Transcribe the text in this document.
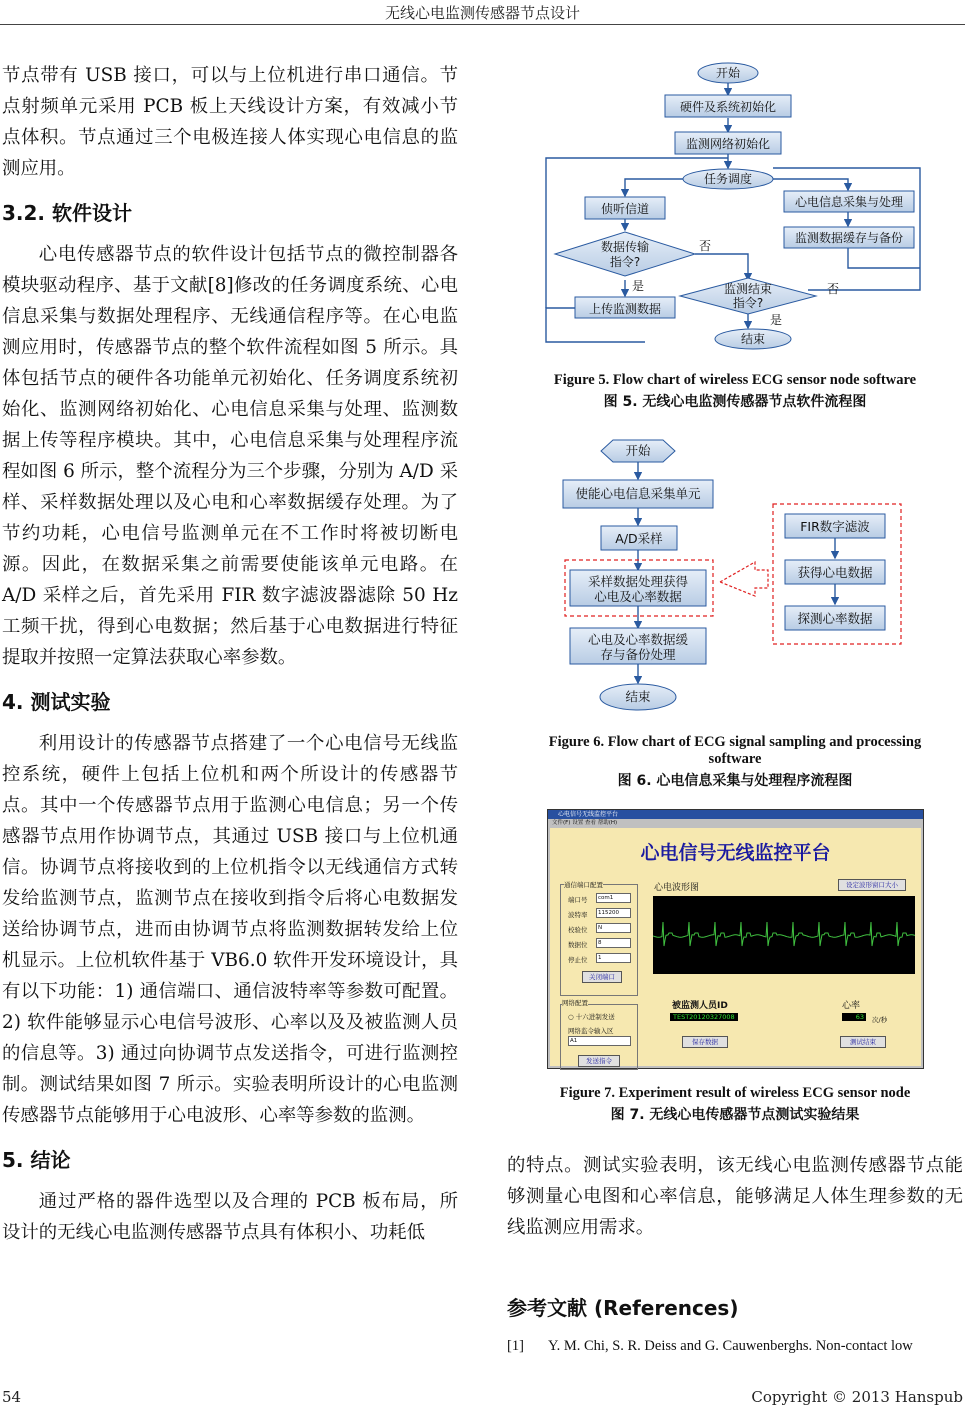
无线心电监测传感器节点设计

节点带有 USB 接口，可以与上位机进行串口通信。节点射频单元采用 PCB 板上天线设计方案，有效减小节点体积。节点通过三个电极连接人体实现心电信息的监测应用。

3.2. 软件设计

心电传感器节点的软件设计包括节点的微控制器各模块驱动程序、基于文献[8]修改的任务调度系统、心电信息采集与数据处理程序、无线通信程序等。在心电监测应用时，传感器节点的整个软件流程如图 5 所示。具体包括节点的硬件各功能单元初始化、任务调度系统初始化、监测网络初始化、心电信息采集与处理、监测数据上传等程序模块。其中，心电信息采集与处理程序流程如图 6 所示，整个流程分为三个步骤，分别为 A/D 采样、采样数据处理以及心电和心率数据缓存处理。为了节约功耗，心电信号监测单元在不工作时将被切断电源。因此，在数据采集之前需要使能该单元电路。在 A/D 采样之后，首先采用 FIR 数字滤波器滤除 50 Hz 工频干扰，得到心电数据；然后基于心电数据进行特征提取并按照一定算法获取心率参数。

4. 测试实验

利用设计的传感器节点搭建了一个心电信号无线监控系统，硬件上包括上位机和两个所设计的传感器节点。其中一个传感器节点用于监测心电信息；另一个传感器节点用作协调节点，其通过 USB 接口与上位机通信。协调节点将接收到的上位机指令以无线通信方式转发给监测节点，监测节点在接收到指令后将心电数据发送给协调节点，进而由协调节点将监测数据转发给上位机显示。上位机软件基于 VB6.0 软件开发环境设计，具有以下功能：1) 通信端口、通信波特率等参数可配置。2) 软件能够显示心电信号波形、心率以及及被监测人员的信息等。3) 通过向协调节点发送指令，可进行监测控制。测试结果如图 7 所示。实验表明所设计的心电监测传感器节点能够用于心电波形、心率等参数的监测。

5. 结论

通过严格的器件选型以及合理的 PCB 板布局，所设计的无线心电监测传感器节点具有体积小、功耗低

开始
硬件及系统初始化
监测网络初始化
任务调度
侦听信道	心电信息采集与处理
监测数据缓存与备份
数据传输
指令?
否
是
上传监测数据
监测结束
指令?
否
是
结束
Figure 5. Flow chart of wireless ECG sensor node software
图 5. 无线心电监测传感器节点软件流程图
开始
使能心电信息采集单元
A/D采样
采样数据处理获得
心电及心率数据
心电及心率数据缓
存与备份处理
结束
FIR数字滤波
获得心电数据
探测心率数据
Figure 6. Flow chart of ECG signal sampling and processing software
图 6. 心电信息采集与处理程序流程图
心电信号无线监控平台
文件(F) 设置 查看 帮助(H)
心电信号无线监控平台
通信端口配置
端口号	com1
波特率	115200
校验位	N
数据位	8
停止位	1
关闭端口
网络配置
○ 十六进制发送
网络监令输入区
A1
发送指令
心电波形图	设定波形窗口大小
被监测人员ID
TEST20120327008
心率
63	次/秒
保存数据	测试结束
Figure 7. Experiment result of wireless ECG sensor node
图 7. 无线心电传感器节点测试实验结果

的特点。测试实验表明，该无线心电监测传感器节点能够测量心电图和心率信息，能够满足人体生理参数的无线监测应用需求。

参考文献 (References)
[1] Y. M. Chi, S. R. Deiss and G. Cauwenberghs. Non-contact low
54	Copyright © 2013 Hanspub
